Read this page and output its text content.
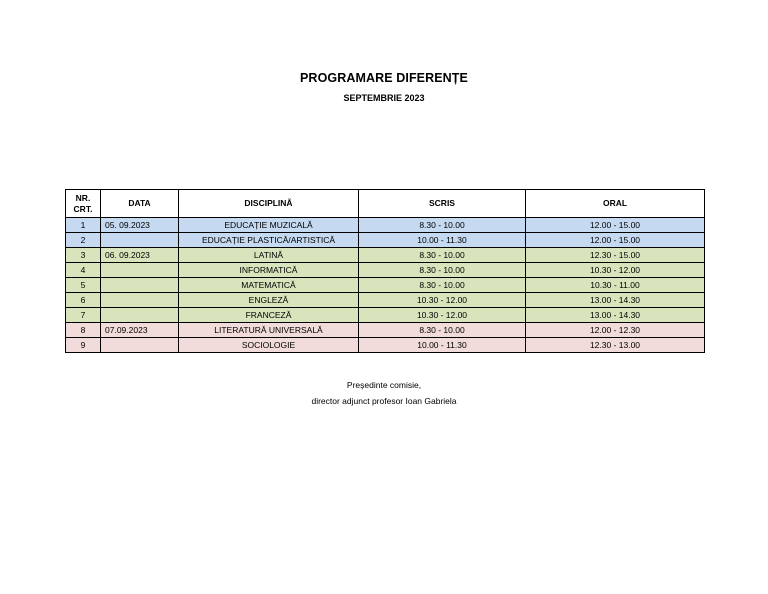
PROGRAMARE DIFERENȚE
SEPTEMBRIE 2023
NR. CRT.	DATA	DISCIPLINĂ	SCRIS	ORAL
1	05. 09.2023	EDUCAȚIE MUZICALĂ	8.30 - 10.00	12.00 - 15.00
2		EDUCAȚIE PLASTICĂ/ARTISTICĂ	10.00 - 11.30	12.00 - 15.00
3	06. 09.2023	LATINĂ	8.30 - 10.00	12.30 - 15.00
4		INFORMATICĂ	8.30 - 10.00	10.30 - 12.00
5		MATEMATICĂ	8.30 - 10.00	10.30 - 11.00
6		ENGLEZĂ	10.30 - 12.00	13.00 - 14.30
7		FRANCEZĂ	10.30 - 12.00	13.00 - 14.30
8	07.09.2023	LITERATURĂ UNIVERSALĂ	8.30 - 10.00	12.00 - 12.30
9		SOCIOLOGIE	10.00 - 11.30	12.30 - 13.00
Președinte comisie,
director adjunct profesor Ioan Gabriela
